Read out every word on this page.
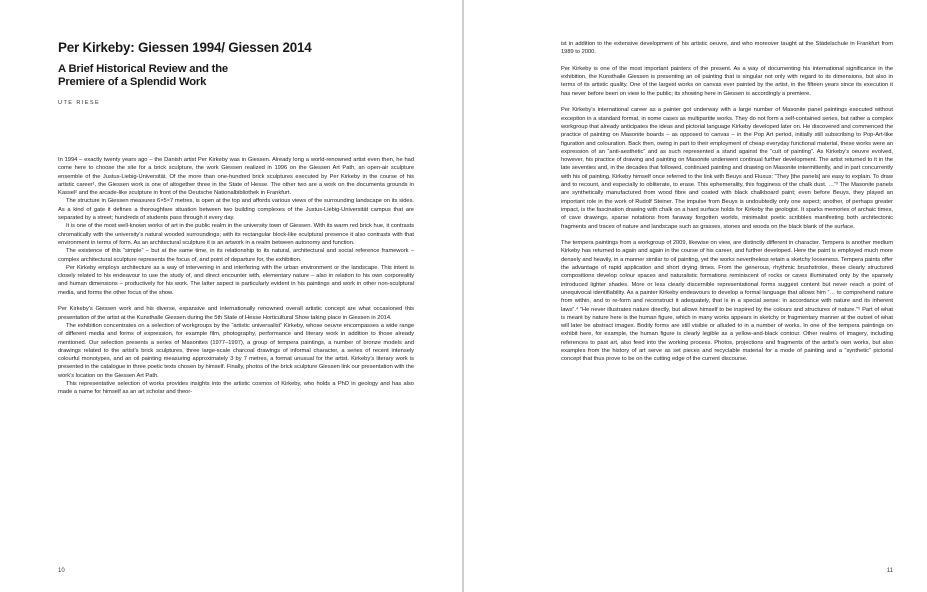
Per Kirkeby: Giessen 1994/ Giessen 2014
A Brief Historical Review and the
Premiere of a Splendid Work
UTE RIESE

In 1994 – exactly twenty years ago – the Danish artist Per Kirkeby was in Giessen. Already long a world-renowned artist even then, he had come here to choose the site for a brick sculpture, the work Giessen realized in 1996 on the Giessen Art Path, an open-air sculpture ensemble of the Justus-Liebig-Universität. Of the more than one-hundred brick sculptures executed by Per Kirkeby in the course of his artistic career¹, the Giessen work is one of altogether three in the State of Hesse. The other two are a work on the documenta grounds in Kassel² and the arcade-like sculpture in front of the Deutsche Nationalbibliothek in Frankfurt.

The structure in Giessen measures 6×5×7 metres, is open at the top and affords various views of the surrounding landscape on its sides. As a kind of gate it defines a thoroughfare situation between two building complexes of the Justus-Liebig-Universität campus that are separated by a street; hundreds of students pass through it every day.

It is one of the most well-known works of art in the public realm in the university town of Giessen. With its warm red brick hue, it contrasts chromatically with the university’s natural wooded surroundings; with its rectangular block-like sculptural presence it also contrasts with that environment in terms of form. As an architectural sculpture it is an artwork in a realm between autonomy and function.

The existence of this “simple” – but at the same time, in its relationship to its natural, architectural and social reference framework – complex architectural sculpture represents the focus of, and point of departure for, the exhibition.

Per Kirkeby employs architecture as a way of intervening in and interfering with the urban environment or the landscape. This intent is closely related to his endeavour to use the study of, and direct encounter with, elementary nature – also in relation to his own corporeality and human dimensions – productively for his work. The latter aspect is particularly evident in his paintings and work in other non-sculptural media, and forms the other focus of the show.

Per Kirkeby’s Giessen work and his diverse, expansive and internationally renowned overall artistic concept are what occasioned this presentation of the artist at the Kunsthalle Giessen during the 5th State of Hesse Horticultural Show taking place in Giessen in 2014.

The exhibition concentrates on a selection of workgroups by the “artistic universalist” Kirkeby, whose oeuvre encompasses a wide range of different media and forms of expression, for example film, photography, performance and literary work in addition to those already mentioned. Our selection presents a series of Masonites (1977–1997), a group of tempera paintings, a number of bronze models and drawings related to the artist’s brick sculptures, three large-scale charcoal drawings of informal character, a series of recent intensely colourful monotypes, and an oil painting measuring approximately 3 by 7 metres, a format unusual for the artist. Kirkeby’s literary work is presented in the catalogue in three poetic texts chosen by himself. Finally, photos of the brick sculpture Giessen link our presentation with the work’s location on the Giessen Art Path.

This representative selection of works provides insights into the artistic cosmos of Kirkeby, who holds a PhD in geology and has also made a name for himself as an art scholar and theor-

10

ist in addition to the extensive development of his artistic oeuvre, and who moreover taught at the Städelschule in Frankfurt from 1989 to 2000.

Per Kirkeby is one of the most important painters of the present. As a way of documenting his international significance in the exhibition, the Kunsthalle Giessen is presenting an oil painting that is singular not only with regard to its dimensions, but also in terms of its artistic quality. One of the largest works on canvas ever painted by the artist, in the fifteen years since its execution it has never before been on view to the public; its showing here in Giessen is accordingly a premiere.

Per Kirkeby’s international career as a painter got underway with a large number of Masonite panel paintings executed without exception in a standard format, in some cases as multipartite works. They do not form a self-contained series, but rather a complex workgroup that already anticipates the ideas and pictorial language Kirkeby developed later on. He discovered and commenced the practice of painting on Masonite boards – as opposed to canvas – in the Pop Art period, initially still subscribing to Pop-Art-like figuration and colouration. Back then, owing in part to their employment of cheap everyday functional material, these works were an expression of an “anti-aesthetic” and as such represented a stand against the “cult of painting”. As Kirkeby’s oeuvre evolved, however, his practice of drawing and painting on Masonite underwent continual further development. The artist returned to it in the late seventies and, in the decades that followed, continued painting and drawing on Masonite intermittently, and in part concurrently with his oil painting. Kirkeby himself once referred to the link with Beuys and Fluxus: “They [the panels] are easy to explain. To draw and to recount, and especially to obliterate, to erase. This ephemerality, this fogginess of the chalk dust. …”³ The Masonite panels are synthetically manufactured from wood fibre and coated with black chalkboard paint; even before Beuys, they played an important role in the work of Rudolf Steiner. The impulse from Beuys is undoubtedly only one aspect; another, of perhaps greater impact, is the fascination drawing with chalk on a hard surface holds for Kirkeby the geologist. It sparks memories of archaic times, of cave drawings, sparse notations from faraway forgotten worlds, minimalist poetic scribbles manifesting both architectonic fragments and traces of nature and landscape such as grasses, stones and woods on the black blank of the surface.

The tempera paintings from a workgroup of 2009, likewise on view, are distinctly different in character. Tempera is another medium Kirkeby has returned to again and again in the course of his career, and further developed. Here the paint is employed much more densely and heavily, in a manner similar to oil painting, yet the works nevertheless retain a sketchy looseness. Tempera paints offer the advantage of rapid application and short drying times. From the generous, rhythmic brushstroke, these clearly structured compositions develop colour spaces and naturalistic formations reminiscent of rocks or caves illuminated only by the sparsely introduced lighter shades. More or less clearly discernible representational forms suggest content but never reach a point of unequivocal identifiability. As a painter Kirkeby endeavours to develop a formal language that allows him “… to comprehend nature from within, and to re-form and reconstruct it adequately, that is in a special sense: in accordance with nature and its inherent laws”.⁴ “He never illustrates nature directly, but allows himself to be inspired by the colours and structures of nature.”⁵ Part of what is meant by nature here is the human figure, which in many works appears in sketchy or fragmentary manner at the outset of what will later be abstract images. Bodily forms are still visible or alluded to in a number of works. In one of the tempera paintings on exhibit here, for example, the human figure is clearly legible as a yellow-and-black contour. Other realms of imagery, including references to past art, also feed into the working process. Photos, projections and fragments of the artist’s own works, but also examples from the history of art serve as set pieces and recyclable material for a mode of painting and a “synthetic” pictorial concept that thus prove to be on the cutting edge of the current discourse.

11
